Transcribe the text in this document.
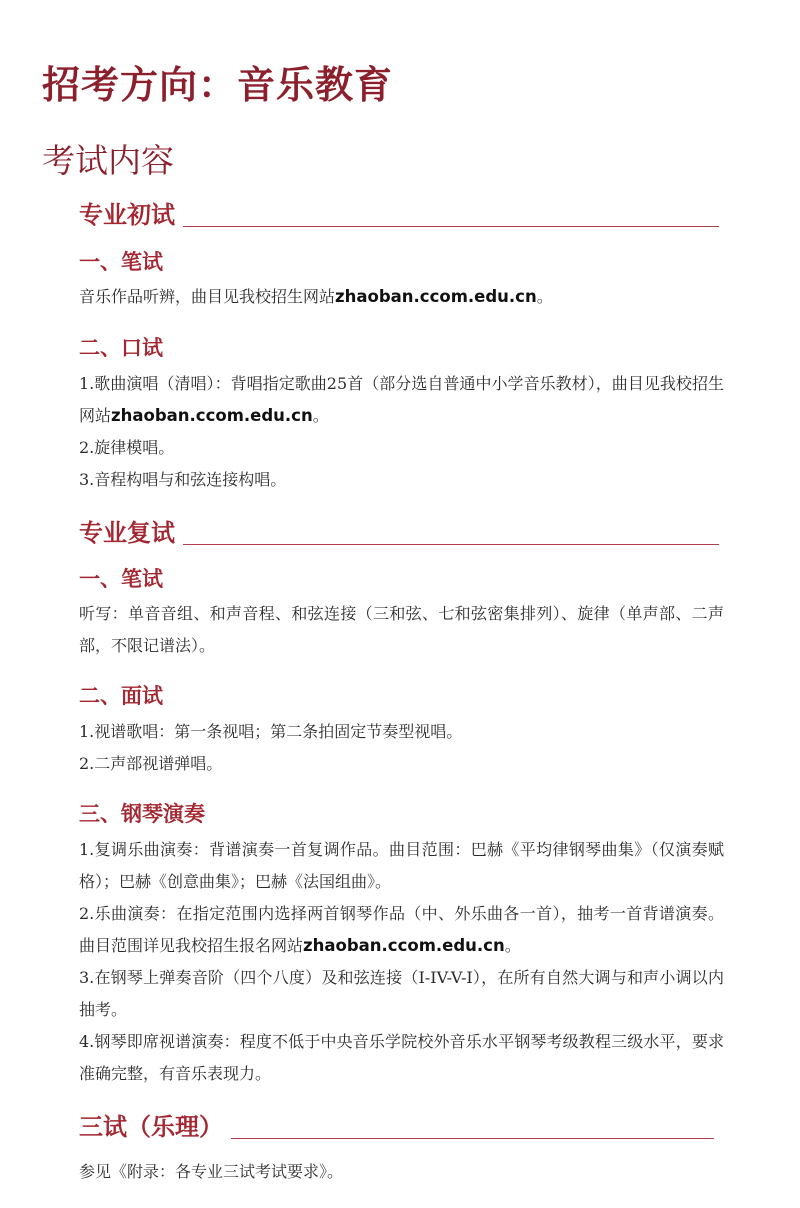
招考方向：音乐教育
考试内容
专业初试
一、笔试
音乐作品听辨，曲目见我校招生网站zhaoban.ccom.edu.cn。
二、口试
1.歌曲演唱（清唱）：背唱指定歌曲25首（部分选自普通中小学音乐教材），曲目见我校招生网站zhaoban.ccom.edu.cn。
2.旋律模唱。
3.音程构唱与和弦连接构唱。
专业复试
一、笔试
听写：单音音组、和声音程、和弦连接（三和弦、七和弦密集排列）、旋律（单声部、二声部，不限记谱法）。
二、面试
1.视谱歌唱：第一条视唱；第二条拍固定节奏型视唱。
2.二声部视谱弹唱。
三、钢琴演奏
1.复调乐曲演奏：背谱演奏一首复调作品。曲目范围：巴赫《平均律钢琴曲集》（仅演奏赋格）；巴赫《创意曲集》；巴赫《法国组曲》。
2.乐曲演奏：在指定范围内选择两首钢琴作品（中、外乐曲各一首），抽考一首背谱演奏。曲目范围详见我校招生报名网站zhaoban.ccom.edu.cn。
3.在钢琴上弹奏音阶（四个八度）及和弦连接（I-IV-V-I），在所有自然大调与和声小调以内抽考。
4.钢琴即席视谱演奏：程度不低于中央音乐学院校外音乐水平钢琴考级教程三级水平，要求准确完整，有音乐表现力。
三试（乐理）
参见《附录：各专业三试考试要求》。
